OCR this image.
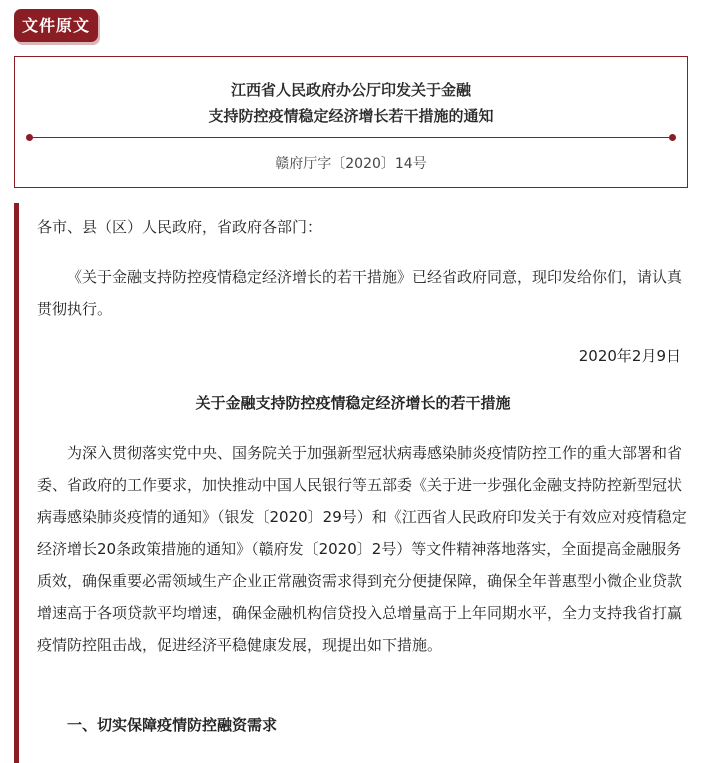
文件原文
江西省人民政府办公厅印发关于金融
支持防控疫情稳定经济增长若干措施的通知
赣府厅字〔2020〕14号
各市、县（区）人民政府，省政府各部门：
《关于金融支持防控疫情稳定经济增长的若干措施》已经省政府同意，现印发给你们，请认真贯彻执行。
2020年2月9日
关于金融支持防控疫情稳定经济增长的若干措施
为深入贯彻落实党中央、国务院关于加强新型冠状病毒感染肺炎疫情防控工作的重大部署和省委、省政府的工作要求，加快推动中国人民银行等五部委《关于进一步强化金融支持防控新型冠状病毒感染肺炎疫情的通知》（银发〔2020〕29号）和《江西省人民政府印发关于有效应对疫情稳定经济增长20条政策措施的通知》（赣府发〔2020〕2号）等文件精神落地落实，全面提高金融服务质效，确保重要必需领域生产企业正常融资需求得到充分便捷保障，确保全年普惠型小微企业贷款增速高于各项贷款平均增速，确保金融机构信贷投入总增量高于上年同期水平，全力支持我省打赢疫情防控阻击战，促进经济平稳健康发展，现提出如下措施。
一、切实保障疫情防控融资需求
